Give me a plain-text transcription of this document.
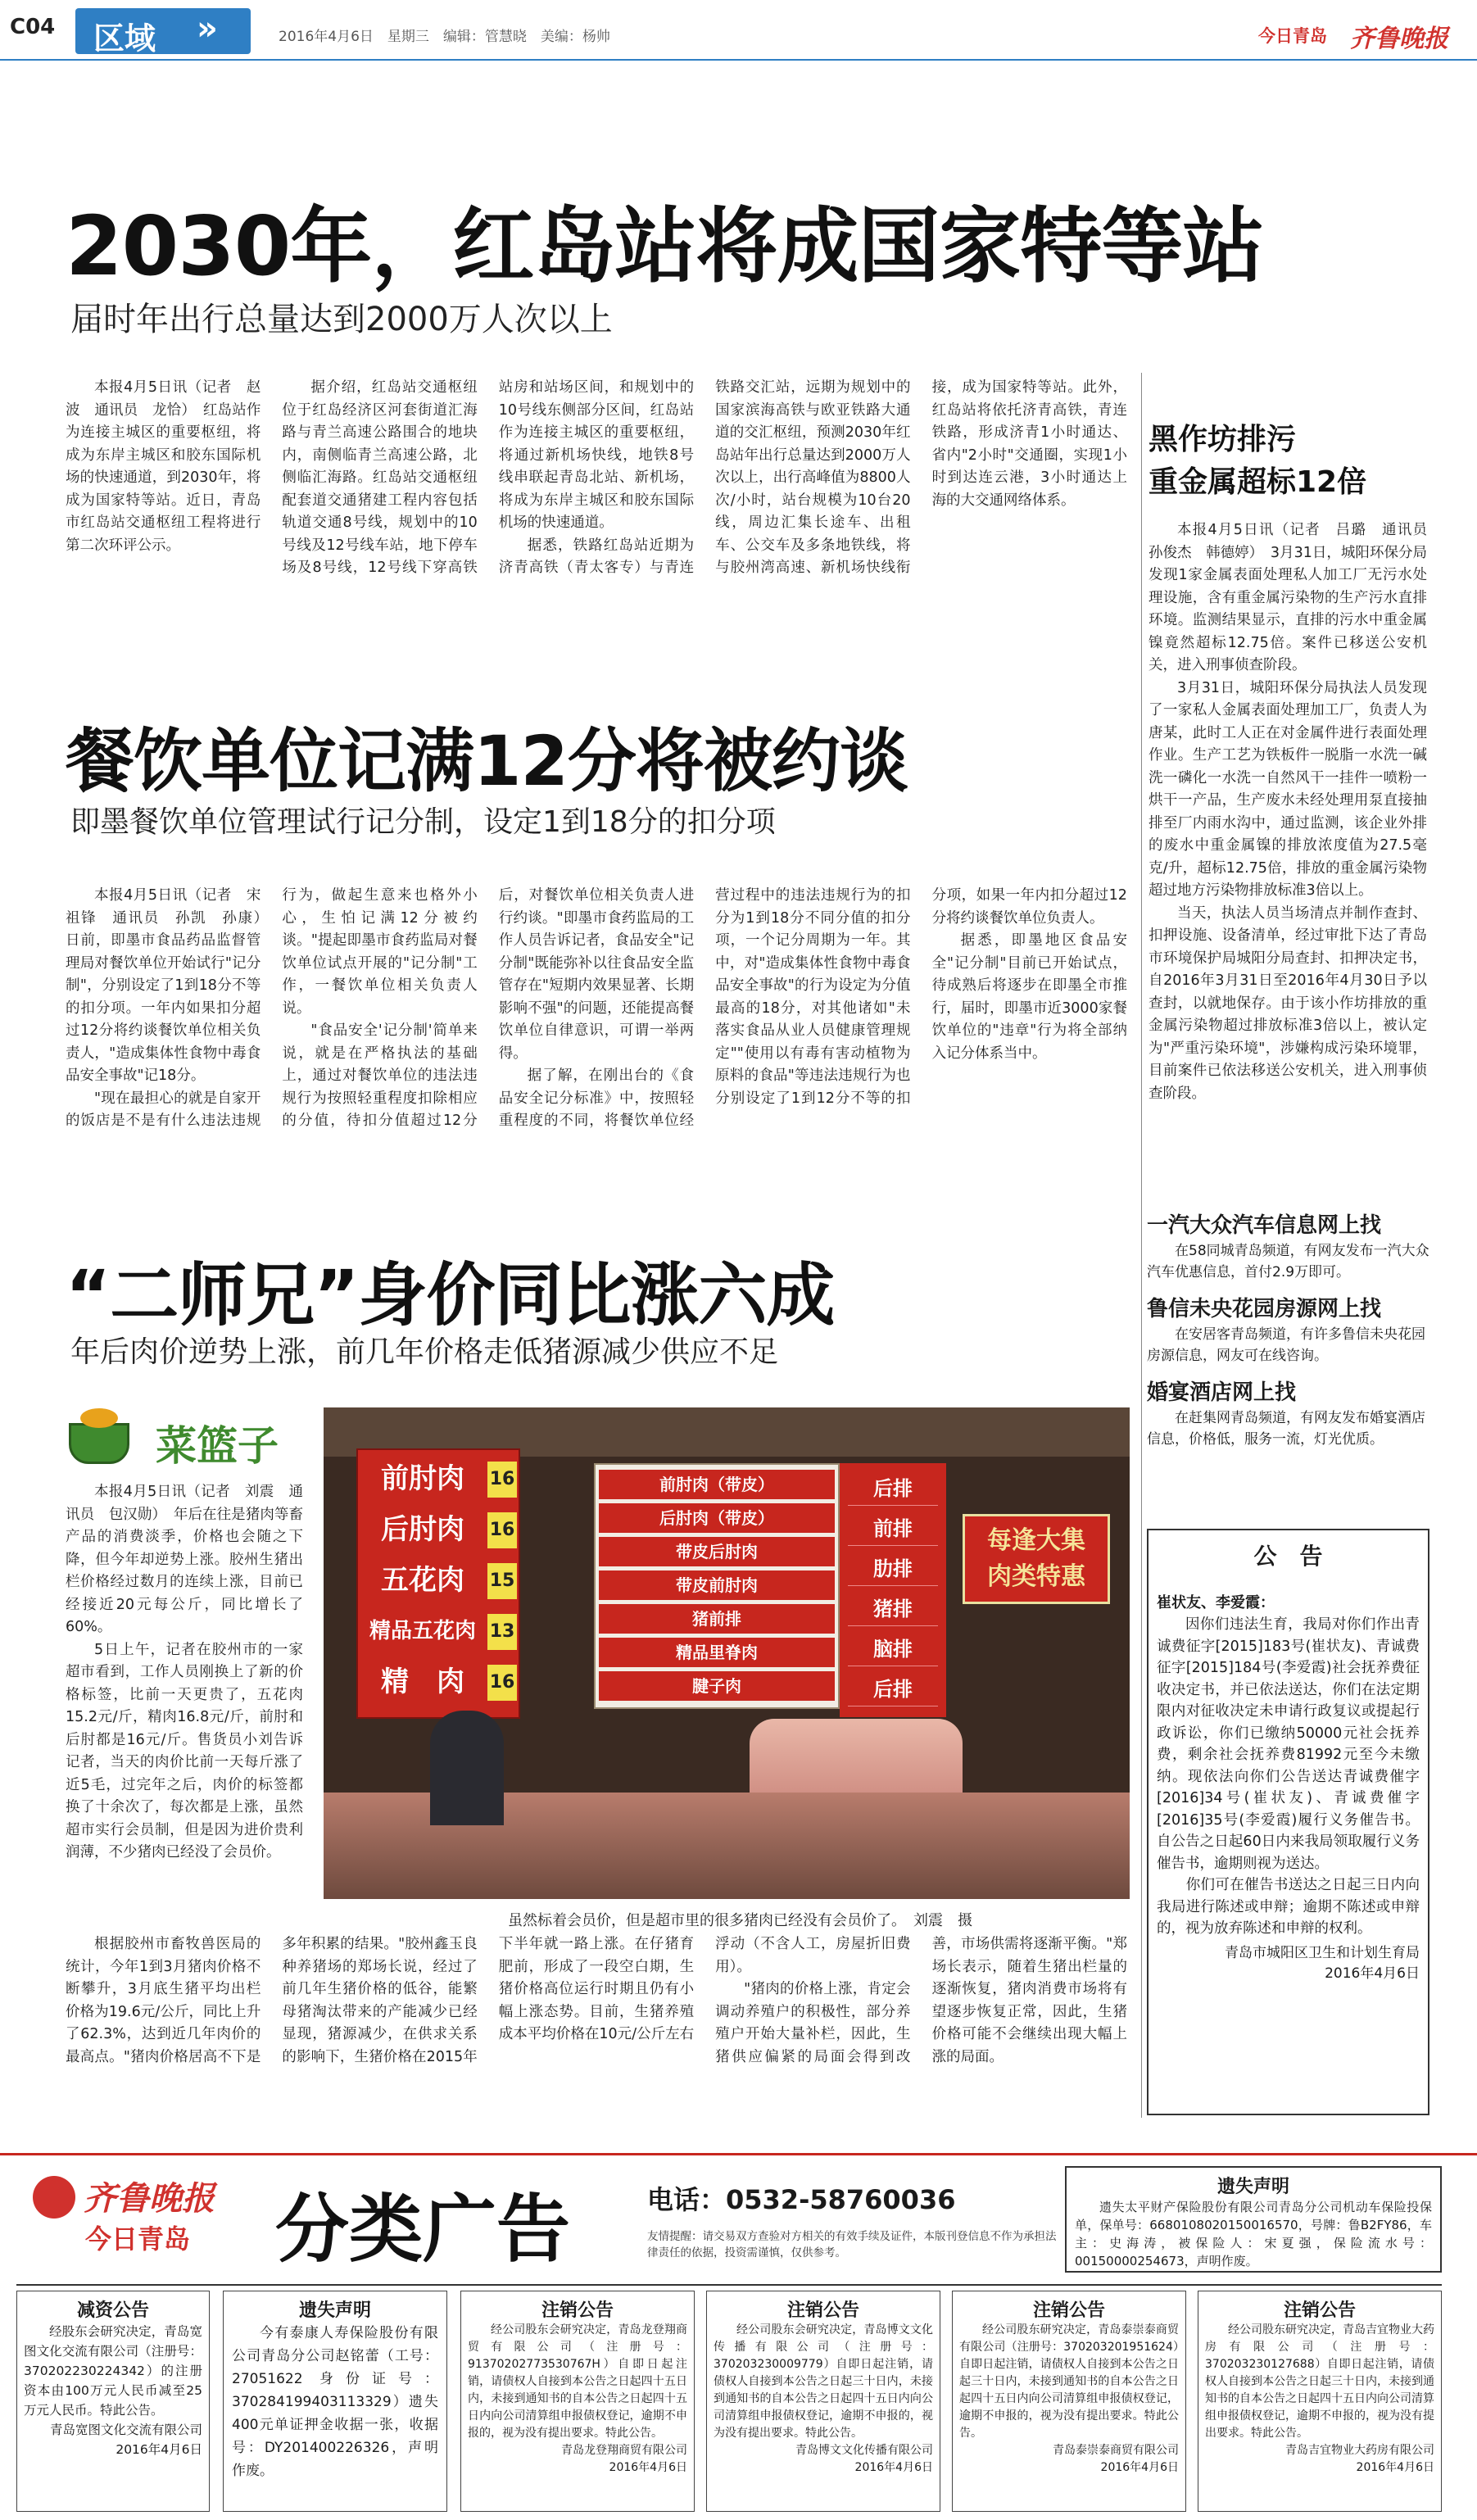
C04 区域 »	2016年4月6日　星期三　编辑：管慧晓　美编：杨帅	今日青岛 齐鲁晚报
2030年，红岛站将成国家特等站
届时年出行总量达到2000万人次以上

本报4月5日讯（记者　赵波　通讯员　龙恰）　红岛站作为连接主城区的重要枢纽，将成为东岸主城区和胶东国际机场的快速通道，到2030年，将成为国家特等站。近日，青岛市红岛站交通枢纽工程将进行第二次环评公示。

据介绍，红岛站交通枢纽位于红岛经济区河套街道汇海路与青兰高速公路围合的地块内，南侧临青兰高速公路，北侧临汇海路。红岛站交通枢纽配套道交通猪建工程内容包括轨道交通8号线，规划中的10号线及12号线车站，地下停车场及8号线，12号线下穿高铁站房和站场区间，和规划中的10号线东侧部分区间，红岛站作为连接主城区的重要枢纽，将通过新机场快线，地铁8号线串联起青岛北站、新机场，将成为东岸主城区和胶东国际机场的快速通道。

据悉，铁路红岛站近期为济青高铁（青太客专）与青连铁路交汇站，远期为规划中的国家滨海高铁与欧亚铁路大通道的交汇枢纽，预测2030年红岛站年出行总量达到2000万人次以上，出行高峰值为8800人次/小时，站台规模为10台20线，周边汇集长途车、出租车、公交车及多条地铁线，将与胶州湾高速、新机场快线衔接，成为国家特等站。此外，红岛站将依托济青高铁，青连铁路，形成济青1小时通达、省内"2小时"交通圈，实现1小时到达连云港，3小时通达上海的大交通网络体系。

餐饮单位记满12分将被约谈
即墨餐饮单位管理试行记分制，设定1到18分的扣分项

本报4月5日讯（记者　宋祖锋　通讯员　孙凯　孙康）　日前，即墨市食品药品监督管理局对餐饮单位开始试行"记分制"，分别设定了1到18分不等的扣分项。一年内如果扣分超过12分将约谈餐饮单位相关负责人，"造成集体性食物中毒食品安全事故"记18分。

"现在最担心的就是自家开的饭店是不是有什么违法违规行为，做起生意来也格外小心，生怕记满12分被约谈。"提起即墨市食药监局对餐饮单位试点开展的"记分制"工作，一餐饮单位相关负责人说。

"食品安全'记分制'简单来说，就是在严格执法的基础上，通过对餐饮单位的违法违规行为按照轻重程度扣除相应的分值，待扣分值超过12分后，对餐饮单位相关负责人进行约谈。"即墨市食药监局的工作人员告诉记者，食品安全"记分制"既能弥补以往食品安全监管存在"短期内效果显著、长期影响不强"的问题，还能提高餐饮单位自律意识，可谓一举两得。

据了解，在刚出台的《食品安全记分标准》中，按照轻重程度的不同，将餐饮单位经营过程中的违法违规行为的扣分为1到18分不同分值的扣分项，一个记分周期为一年。其中，对"造成集体性食物中毒食品安全事故"的行为设定为分值最高的18分，对其他诸如"未落实食品从业人员健康管理规定""使用以有毒有害动植物为原料的食品"等违法违规行为也分别设定了1到12分不等的扣分项，如果一年内扣分超过12分将约谈餐饮单位负责人。

据悉，即墨地区食品安全"记分制"目前已开始试点，待成熟后将逐步在即墨全市推行，届时，即墨市近3000家餐饮单位的"违章"行为将全部纳入记分体系当中。

“二师兄”身价同比涨六成
年后肉价逆势上涨，前几年价格走低猪源减少供应不足
菜篮子

本报4月5日讯（记者　刘震　通讯员　包汉勋）　年后在往是猪肉等畜产品的消费淡季，价格也会随之下降，但今年却逆势上涨。胶州生猪出栏价格经过数月的连续上涨，目前已经接近20元每公斤，同比增长了60%。

5日上午，记者在胶州市的一家超市看到，工作人员刚换上了新的价格标签，比前一天更贵了，五花肉15.2元/斤，精肉16.8元/斤，前肘和后肘都是16元/斤。售货员小刘告诉记者，当天的肉价比前一天每斤涨了近5毛，过完年之后，肉价的标签都换了十余次了，每次都是上涨，虽然超市实行会员制，但是因为进价贵利润薄，不少猪肉已经没了会员价。

根据胶州市畜牧兽医局的统计，今年1到3月猪肉价格不断攀升，3月底生猪平均出栏价格为19.6元/公斤，同比上升了62.3%，达到近几年肉价的最高点。"猪肉价格居高不下是多年积累的结果。"胶州鑫玉良种养猪场的郑场长说，经过了前几年生猪价格的低谷，能繁母猪淘汰带来的产能减少已经显现，猪源减少，在供求关系的影响下，生猪价格在2015年下半年就一路上涨。在仔猪育肥前，形成了一段空白期，生猪价格高位运行时期且仍有小幅上涨态势。目前，生猪养殖成本平均价格在10元/公斤左右浮动（不含人工，房屋折旧费用）。

"猪肉的价格上涨，肯定会调动养殖户的积极性，部分养殖户开始大量补栏，因此，生猪供应偏紧的局面会得到改善，市场供需将逐渐平衡。"郑场长表示，随着生猪出栏量的逐渐恢复，猪肉消费市场将有望逐步恢复正常，因此，生猪价格可能不会继续出现大幅上涨的局面。

前肘肉	16
后肘肉	16
五花肉	15
精品五花肉 13
精　肉	16
前肘肉（带皮）
后肘肉（带皮）
带皮后肘肉
带皮前肘肉
猪前排
精品里脊肉
腱子肉
后排
前排
肋排
猪排
脑排
后排
每逢大集　肉类特惠
虽然标着会员价，但是超市里的很多猪肉已经没有会员价了。　刘震　摄
黑作坊排污
重金属超标12倍

本报4月5日讯（记者　吕璐　通讯员　孙俊杰　韩德婷）　3月31日，城阳环保分局发现1家金属表面处理私人加工厂无污水处理设施，含有重金属污染物的生产污水直排环境。监测结果显示，直排的污水中重金属镍竟然超标12.75倍。案件已移送公安机关，进入刑事侦查阶段。

3月31日，城阳环保分局执法人员发现了一家私人金属表面处理加工厂，负责人为唐某，此时工人正在对金属件进行表面处理作业。生产工艺为铁板件一脱脂一水洗一碱洗一磷化一水洗一自然风干一挂件一喷粉一烘干一产品，生产废水未经处理用泵直接抽排至厂内雨水沟中，通过监测，该企业外排的废水中重金属镍的排放浓度值为27.5毫克/升，超标12.75倍，排放的重金属污染物超过地方污染物排放标准3倍以上。

当天，执法人员当场清点并制作查封、扣押设施、设备清单，经过审批下达了青岛市环境保护局城阳分局查封、扣押决定书，自2016年3月31日至2016年4月30日予以查封，以就地保存。由于该小作坊排放的重金属污染物超过排放标准3倍以上，被认定为"严重污染环境"，涉嫌构成污染环境罪，目前案件已依法移送公安机关，进入刑事侦查阶段。

一汽大众汽车信息网上找
在58同城青岛频道，有网友发布一汽大众汽车优惠信息，首付2.9万即可。
鲁信未央花园房源网上找
在安居客青岛频道，有许多鲁信未央花园房源信息，网友可在线咨询。
婚宴酒店网上找
在赶集网青岛频道，有网友发布婚宴酒店信息，价格低，服务一流，灯光优质。
公　告
崔状友、李爱霞：
因你们违法生育，我局对你们作出青诚费征字[2015]183号(崔状友)、青诚费征字[2015]184号(李爱霞)社会抚养费征收决定书，并已依法送达，你们在法定期限内对征收决定未申请行政复议或提起行政诉讼，你们已缴纳50000元社会抚养费，剩余社会抚养费81992元至今未缴纳。现依法向你们公告送达青诚费催字[2016]34号(崔状友)、青诚费催字[2016]35号(李爱霞)履行义务催告书。自公告之日起60日内来我局领取履行义务催告书，逾期则视为送达。
　　你们可在催告书送达之日起三日内向我局进行陈述或申辩；逾期不陈述或申辩的，视为放弃陈述和申辩的权利。
青岛市城阳区卫生和计划生育局
2016年4月6日
齐鲁晚报
今日青岛 分类广告	电话：0532-58760036
友情提醒：请交易双方查验对方相关的有效手续及证件，本版刊登信息不作为承担法律责任的依据，投资需谨慎，仅供参考。
遗失声明
遗失太平财产保险股份有限公司青岛分公司机动车保险投保单，保单号：6680108020150016570，号牌：鲁B2FY86，车主：史海涛，被保险人：宋夏强，保险流水号：00150000254673，声明作废。
减资公告
经股东会研究决定，青岛宽图文化交流有限公司（注册号：370202230224342）的注册资本由100万元人民币减至25万元人民币。特此公告。
青岛宽图文化交流有限公司
2016年4月6日
遗失声明
今有泰康人寿保险股份有限公司青岛分公司赵铭蕾（工号：27051622 身份证号：370284199403113329）遗失400元单证押金收据一张，收据号：DY201400226326，声明作废。
注销公告
经公司股东会研究决定，青岛龙登翔商贸有限公司（注册号：91370202773530767H）自即日起注销，请债权人自接到本公告之日起四十五日内，未接到通知书的自本公告之日起四十五日内向公司清算组申报债权登记，逾期不申报的，视为没有提出要求。特此公告。
青岛龙登翔商贸有限公司
2016年4月6日
注销公告
经公司股东会研究决定，青岛博文文化传播有限公司（注册号：370203230009779）自即日起注销，请债权人自接到本公告之日起三十日内，未接到通知书的自本公告之日起四十五日内向公司清算组申报债权登记，逾期不申报的，视为没有提出要求。特此公告。
青岛博文文化传播有限公司
2016年4月6日
注销公告
经公司股东研究决定，青岛泰崇泰商贸有限公司（注册号：370203201951624）自即日起注销，请债权人自接到本公告之日起三十日内，未接到通知书的自本公告之日起四十五日内向公司清算组申报债权登记，逾期不申报的，视为没有提出要求。特此公告。
青岛泰崇泰商贸有限公司
2016年4月6日
注销公告
经公司股东研究决定，青岛吉宜物业大药房有限公司（注册号：370203230127688）自即日起注销，请债权人自接到本公告之日起三十日内，未接到通知书的自本公告之日起四十五日内向公司清算组申报债权登记，逾期不申报的，视为没有提出要求。特此公告。
青岛吉宜物业大药房有限公司
2016年4月6日
